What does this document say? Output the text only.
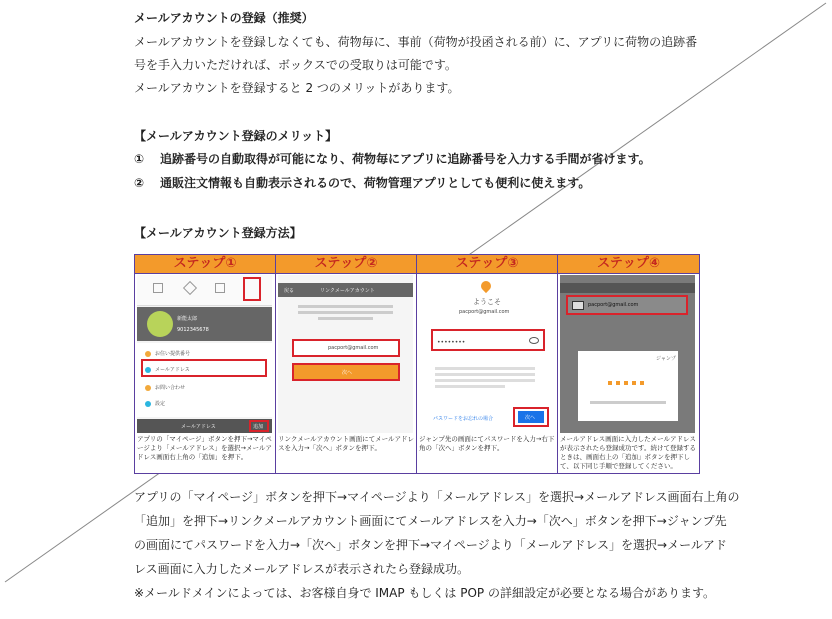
メールアカウントの登録（推奨）
メールアカウントを登録しなくても、荷物毎に、事前（荷物が投函される前）に、アプリに荷物の追跡番
号を手入力いただければ、ボックスでの受取りは可能です。
メールアカウントを登録すると 2 つのメリットがあります。
【メールアカウント登録のメリット】
① 追跡番号の自動取得が可能になり、荷物毎にアプリに追跡番号を入力する手間が省けます。
② 通販注文情報も自動表示されるので、荷物管理アプリとしても便利に使えます。
【メールアカウント登録方法】
ステップ①
新能太郎
9012345678
お住い提供番号
メールアドレス
お問い合わせ
設定
メールアドレス	追加
アプリの「マイページ」ボタンを押下→マイページより「メールアドレス」を選択→メールアドレス画面右上角の「追加」を押下。
ステップ②
戻る	リンクメールアカウント
pacport@gmail.com
次へ
リンクメールアカウント画面にてメールアドレスを入力→「次へ」ボタンを押下。
ステップ③
ようこそ
pacport@gmail.com
••••••••
パスワードをお忘れの場合	次へ
ジャンプ先の画面にてパスワードを入力→右下角の「次へ」ボタンを押下。
ステップ④
pacport@gmail.com
ジャンプ
メールアドレス画面に入力したメールアドレスが表示されたら登録成功です。続けて登録するときは、画面右上の「追加」ボタンを押下して、以下同じ手順で登録してください。
アプリの「マイページ」ボタンを押下→マイページより「メールアドレス」を選択→メールアドレス画面右上角の
「追加」を押下→リンクメールアカウント画面にてメールアドレスを入力→「次へ」ボタンを押下→ジャンプ先
の画面にてパスワードを入力→「次へ」ボタンを押下→マイページより「メールアドレス」を選択→メールアド
レス画面に入力したメールアドレスが表示されたら登録成功。
※メールドメインによっては、お客様自身で IMAP もしくは POP の詳細設定が必要となる場合があります。
